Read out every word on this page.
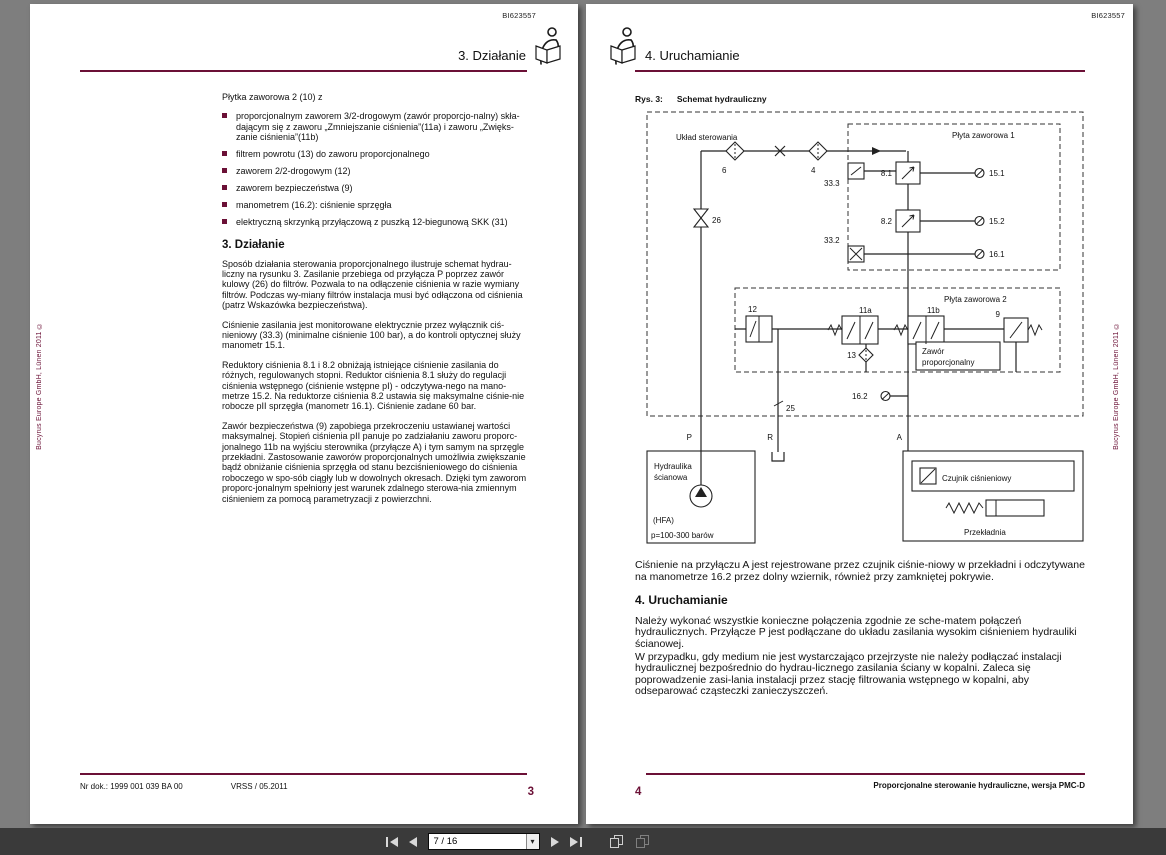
BI623557
3. Działanie

Płytka zaworowa 2 (10) z

proporcjonalnym zaworem 3/2-drogowym (zawór proporcjo-nalny) skła-dającym się z zaworu „Zmniejszanie ciśnienia”(11a) i zaworu „Zwięks-zanie ciśnienia”(11b)
filtrem powrotu (13) do zaworu proporcjonalnego
zaworem 2/2-drogowym (12)
zaworem bezpieczeństwa (9)
manometrem (16.2): ciśnienie sprzęgła
elektryczną skrzynką przyłączową z puszką 12-biegunową SKK (31)
3. Działanie

Sposób działania sterowania proporcjonalnego ilustruje schemat hydrau-liczny na rysunku 3. Zasilanie przebiega od przyłącza P poprzez zawór kulowy (26) do filtrów. Pozwala to na odłączenie ciśnienia w razie wymiany filtrów. Podczas wy-miany filtrów instalacja musi być odłączona od ciśnienia (patrz Wskazówka bezpieczeństwa).

Ciśnienie zasilania jest monitorowane elektrycznie przez wyłącznik ciś-nieniowy (33.3) (minimalne ciśnienie 100 bar), a do kontroli optycznej służy manometr 15.1.

Reduktory ciśnienia 8.1 i 8.2 obniżają istniejące ciśnienie zasilania do różnych, regulowanych stopni. Reduktor ciśnienia 8.1 służy do regulacji ciśnienia wstępnego (ciśnienie wstępne pI) - odczytywa-nego na mano-metrze 15.2. Na reduktorze ciśnienia 8.2 ustawia się maksymalne ciśnie-nie robocze pII sprzęgła (manometr 16.1). Ciśnienie zadane 60 bar.

Zawór bezpieczeństwa (9) zapobiega przekroczeniu ustawianej wartości maksymalnej. Stopień ciśnienia pII panuje po zadziałaniu zaworu proporc-jonalnego 11b na wyjściu sterownika (przyłącze A) i tym samym na sprzęgle przekładni. Zastosowanie zaworów proporcjonalnych umożliwia zwiększanie bądź obniżanie ciśnienia sprzęgła od stanu bezciśnieniowego do ciśnienia roboczego w spo-sób ciągły lub w dowolnych okresach. Dzięki tym zaworom proporc-jonalnym spełniony jest warunek zdalnego sterowa-nia zmiennym ciśnieniem za pomocą parametryzacji z powierzchni.

Bucyrus Europe GmbH, Lünen 2011 ©
Nr dok.: 1999 001 039 BA 00	VRSS / 05.2011	3
BI623557
4. Uruchamianie
Rys. 3: Schemat hydrauliczny
Układ sterowania	Płyta zaworowa 1
Płyta zaworowa 2
6	4
26
33.3
8.1	15.1
8.2	15.2
33.2
16.1
12	11a	11b
13
9
Zawór
proporcjonalny
16.2
25
P	R	A
Hydraulika
ścianowa
(HFA)
p=100-300 barów
Czujnik ciśnieniowy
Przekładnia

Ciśnienie na przyłączu A jest rejestrowane przez czujnik ciśnie-niowy w przekładni i odczytywane na manometrze 16.2 przez dolny wziernik, również przy zamkniętej pokrywie.

4. Uruchamianie

Należy wykonać wszystkie konieczne połączenia zgodnie ze sche-matem połączeń hydraulicznych. Przyłącze P jest podłączane do układu zasilania wysokim ciśnieniem hydrauliki ścianowej.

W przypadku, gdy medium nie jest wystarczająco przejrzyste nie należy podłączać instalacji hydraulicznej bezpośrednio do hydrau-licznego zasilania ściany w kopalni. Zaleca się poprowadzenie zasi-lania instalacji przez stację filtrowania wstępnego w kopalni, aby odseparować cząsteczki zanieczyszczeń.

Bucyrus Europe GmbH, Lünen 2011 ©
4
Proporcjonalne sterowanie hydrauliczne, wersja PMC-D
7 / 16
▾
